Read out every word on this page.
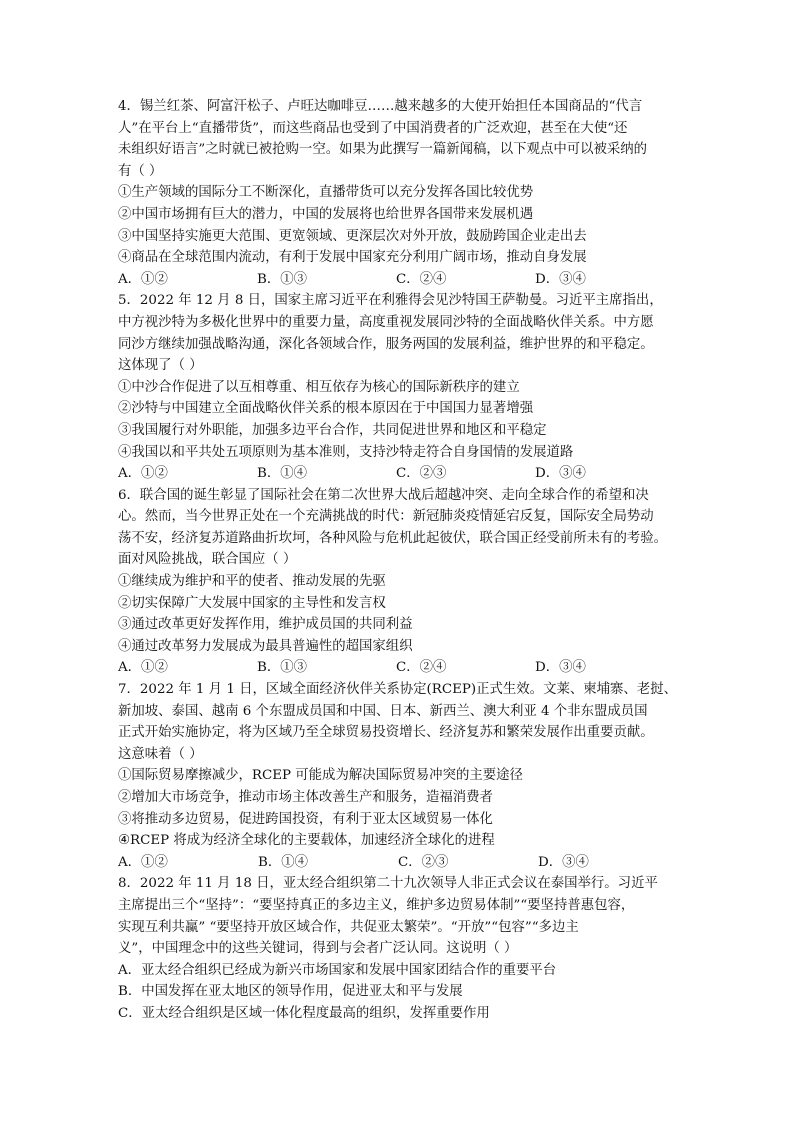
4．锡兰红茶、阿富汗松子、卢旺达咖啡豆……越来越多的大使开始担任本国商品的“代言
人”在平台上“直播带货”，而这些商品也受到了中国消费者的广泛欢迎，甚至在大使“还
未组织好语言”之时就已被抢购一空。如果为此撰写一篇新闻稿，以下观点中可以被采纳的
有（ ）
①生产领域的国际分工不断深化，直播带货可以充分发挥各国比较优势
②中国市场拥有巨大的潜力，中国的发展将也给世界各国带来发展机遇
③中国坚持实施更大范围、更宽领域、更深层次对外开放，鼓励跨国企业走出去
④商品在全球范围内流动，有利于发展中国家充分利用广阔市场，推动自身发展
A．①②	B．①③	C．②④	D．③④
5．2022 年 12 月 8 日，国家主席习近平在利雅得会见沙特国王萨勒曼。习近平主席指出，
中方视沙特为多极化世界中的重要力量，高度重视发展同沙特的全面战略伙伴关系。中方愿
同沙方继续加强战略沟通，深化各领域合作，服务两国的发展利益，维护世界的和平稳定。
这体现了（ ）
①中沙合作促进了以互相尊重、相互依存为核心的国际新秩序的建立
②沙特与中国建立全面战略伙伴关系的根本原因在于中国国力显著增强
③我国履行对外职能，加强多边平台合作，共同促进世界和地区和平稳定
④我国以和平共处五项原则为基本准则，支持沙特走符合自身国情的发展道路
A．①②	B．①④	C．②③	D．③④
6．联合国的诞生彰显了国际社会在第二次世界大战后超越冲突、走向全球合作的希望和决
心。然而，当今世界正处在一个充满挑战的时代：新冠肺炎疫情延宕反复，国际安全局势动
荡不安，经济复苏道路曲折坎坷，各种风险与危机此起彼伏，联合国正经受前所未有的考验。
面对风险挑战，联合国应（ ）
①继续成为维护和平的使者、推动发展的先驱
②切实保障广大发展中国家的主导性和发言权
③通过改革更好发挥作用，维护成员国的共同利益
④通过改革努力发展成为最具普遍性的超国家组织
A．①②	B．①③	C．②④	D．③④
7．2022 年 1 月 1 日，区域全面经济伙伴关系协定(RCEP)正式生效。文莱、柬埔寨、老挝、
新加坡、泰国、越南 6 个东盟成员国和中国、日本、新西兰、澳大利亚 4 个非东盟成员国
正式开始实施协定，将为区域乃至全球贸易投资增长、经济复苏和繁荣发展作出重要贡献。
这意味着（ ）
①国际贸易摩擦减少，RCEP 可能成为解决国际贸易冲突的主要途径
②增加大市场竞争，推动市场主体改善生产和服务，造福消费者
③将推动多边贸易，促进跨国投资，有利于亚太区域贸易一体化
④RCEP 将成为经济全球化的主要载体，加速经济全球化的进程
A．①②	B．①④	C．②③	D．③④
8．2022 年 11 月 18 日，亚太经合组织第二十九次领导人非正式会议在泰国举行。习近平
主席提出三个“坚持”：“要坚持真正的多边主义，维护多边贸易体制”“要坚持普惠包容，
实现互利共赢” “要坚持开放区域合作，共促亚太繁荣”。“开放”“包容”“多边主
义”，中国理念中的这些关键词，得到与会者广泛认同。这说明（ ）
A．亚太经合组织已经成为新兴市场国家和发展中国家团结合作的重要平台
B．中国发挥在亚太地区的领导作用，促进亚太和平与发展
C．亚太经合组织是区域一体化程度最高的组织，发挥重要作用
